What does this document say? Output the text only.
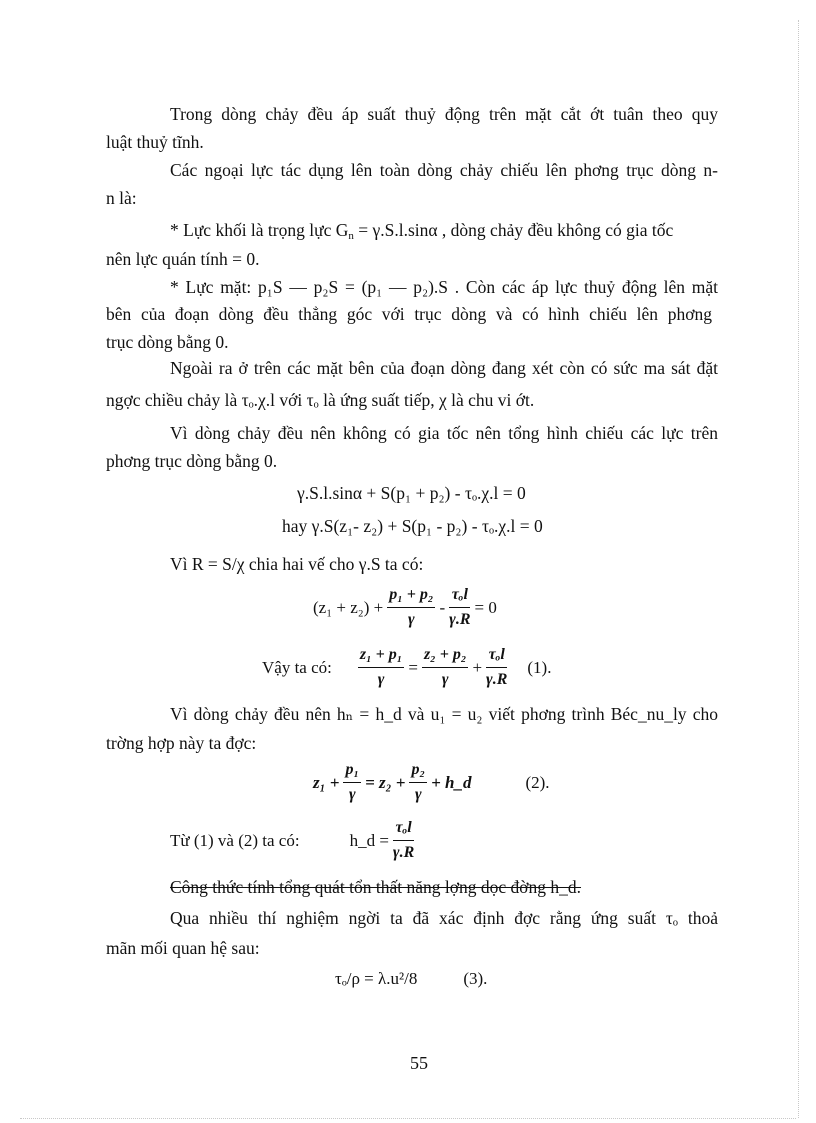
Trong dòng chảy đều áp suất thuỷ động trên mặt cắt ớt tuân theo quy
luật thuỷ tĩnh.
Các ngoại lực tác dụng lên toàn dòng chảy chiếu lên phơng trục dòng n-
n là:
* Lực khối là trọng lực $G_n = \gamma.S.l.\sin\alpha$ , dòng chảy đều không có gia tốc
nên lực quán tính = 0.
* Lực mặt: p₁S — p₂S = (p₁ — p₂).S . Còn các áp lực thuỷ động lên mặt
bên của đoạn dòng đều thẳng góc với trục dòng và có hình chiếu lên phơng
trục dòng bằng 0.
Ngoài ra ở trên các mặt bên của đoạn dòng đang xét còn có sức ma sát đặt
ngợc chiều chảy là τₒ.χ.l với τₒ là ứng suất tiếp, χ là chu vi ớt.
Vì dòng chảy đều nên không có gia tốc nên tổng hình chiếu các lực trên
phơng trục dòng bằng 0.
γ.S.l.sinα + S(p₁ + p₂) - τₒ.χ.l = 0
hay γ.S(z₁- z₂) + S(p₁ - p₂) - τₒ.χ.l = 0
Vì R = S/χ chia hai vế cho γ.S ta có:
$(z_1 + z_2) + \frac{\text{p₁ + p₂}}{\gamma} - \frac{\text{τₒl}}{\gamma.R} = 0$
Vậy ta có: $\frac{\text{z₁ + p₁}}{\gamma} = \frac{\text{z₂ + p₂}}{\gamma} + \frac{\text{τₒl}}{\gamma.R} (1)$.
Vì dòng chảy đều nên hₙ = h_d và u₁ = u₂ viết phơng trình Béc_nu_ly cho
trờng hợp này ta đợc:
$z_1 + \frac{\text{p₁}}{\gamma} = z_2 + \frac{\text{p₂}}{\gamma}$ + h_d	(2).
Từ (1) và (2) ta có:	h_d = $\frac{\text{τₒl}}{\gamma.R}$
Công thức tính tổng quát tổn thất năng lợng dọc đờng h_d.
Qua nhiều thí nghiệm ngời ta đã xác định đợc rằng ứng suất τₒ thoả
mãn mối quan hệ sau:
τₒ/ρ = λ.u²/8	(3).
55
